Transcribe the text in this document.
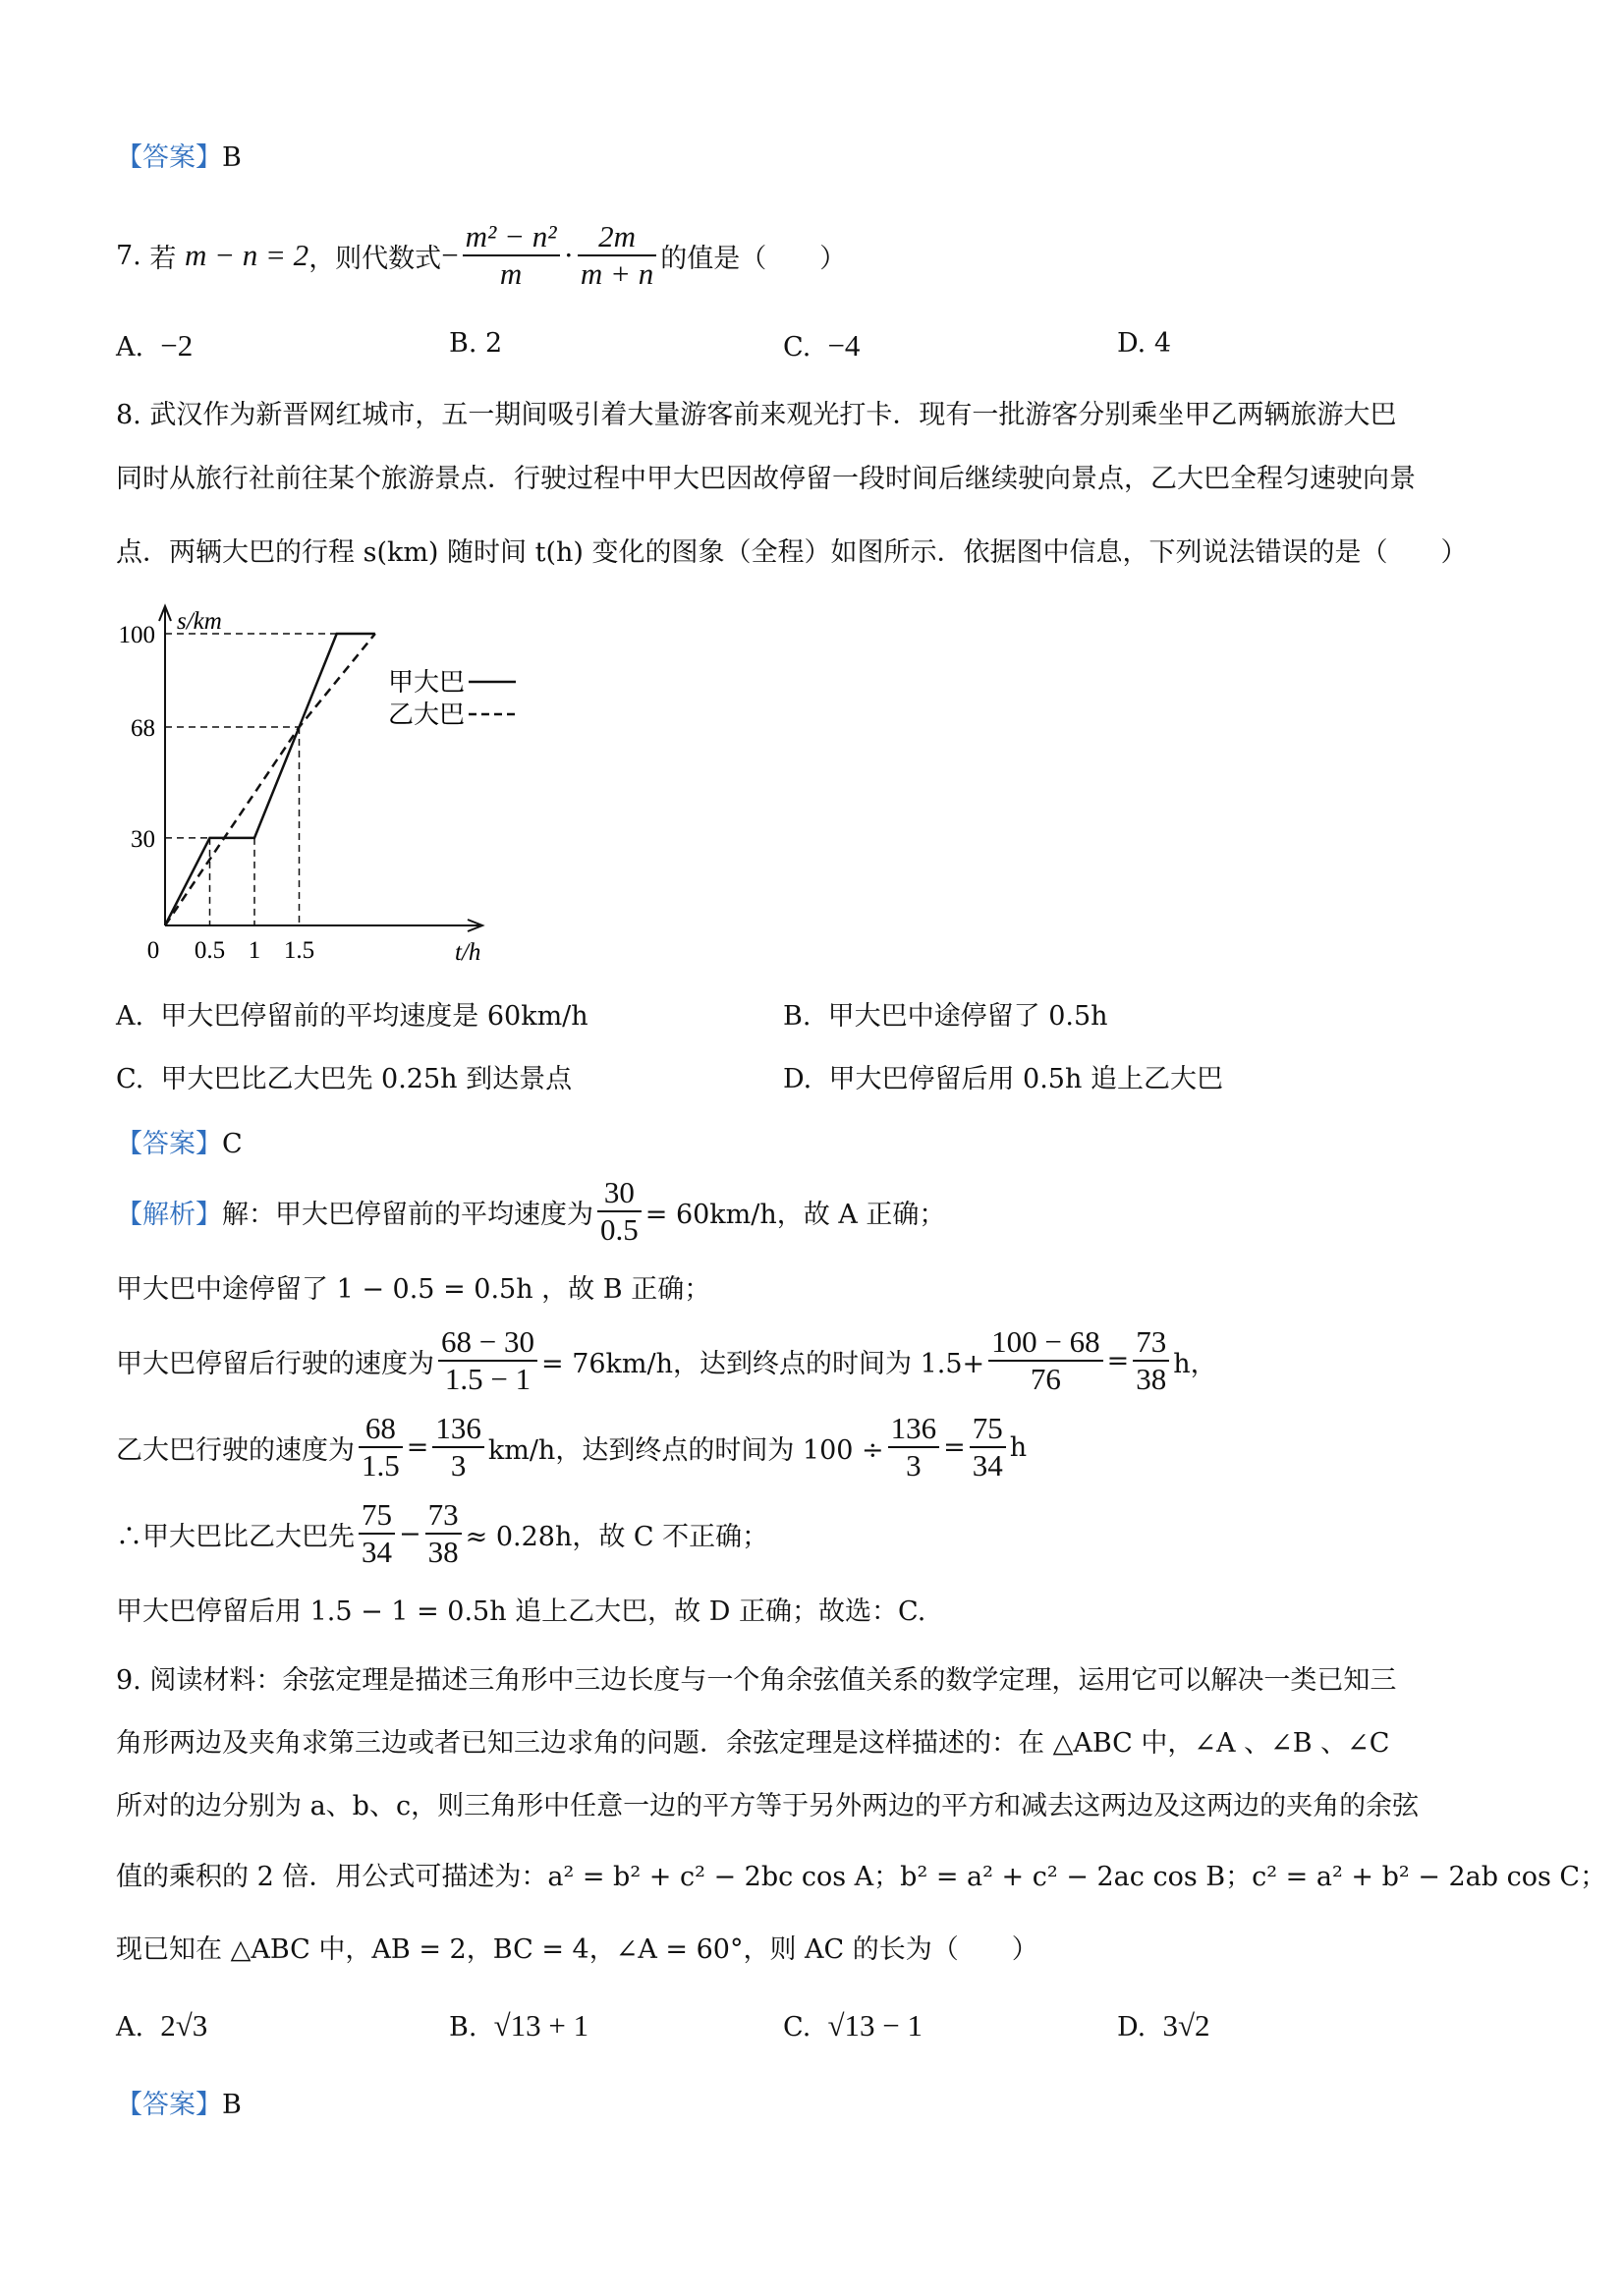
【答案】B
7.
若
m − n = 2 ，则代数式 − $\frac{\text{m² − n²}}{m} \cdot \frac{2m}{m + n}$ 的值是（　　）
A. −2	B. 2	C. −4	D. 4
8. 武汉作为新晋网红城市，五一期间吸引着大量游客前来观光打卡．现有一批游客分别乘坐甲乙两辆旅游大巴
同时从旅行社前往某个旅游景点．行驶过程中甲大巴因故停留一段时间后继续驶向景点，乙大巴全程匀速驶向景
点．两辆大巴的行程 s(km) 随时间 t(h) 变化的图象（全程）如图所示．依据图中信息，下列说法错误的是（　　）
s/km
t/h
30
68
100
0 0.5 1 1.5
甲大巴
乙大巴
A. 甲大巴停留前的平均速度是 60km/h	B. 甲大巴中途停留了 0.5h
C. 甲大巴比乙大巴先 0.25h 到达景点	D. 甲大巴停留后用 0.5h 追上乙大巴
【答案】C
【解析】 解：甲大巴停留前的平均速度为 $\frac{30}{0.5} = 60km/h$，故 A 正确；
甲大巴中途停留了 1 − 0.5 = 0.5h ，故 B 正确；
甲大巴停留后行驶的速度为 $\frac{68 - 30}{1.5 - 1} = 76km/h$，达到终点的时间为 $1.5+ \frac{100 - 68}{76} = \frac{73}{38}$ h，
乙大巴行驶的速度为 $\frac{68}{1.5} = \frac{136}{3} km/h$，达到终点的时间为 $100 \div \frac{136}{3} = \frac{75}{34}$ h
∴甲大巴比乙大巴先 $\frac{75}{34} - \frac{73}{38} \approx 0.28h$，故 C 不正确；
甲大巴停留后用 1.5 − 1 = 0.5h 追上乙大巴，故 D 正确；故选：C.
9. 阅读材料：余弦定理是描述三角形中三边长度与一个角余弦值关系的数学定理，运用它可以解决一类已知三
角形两边及夹角求第三边或者已知三边求角的问题．余弦定理是这样描述的：在 △ABC 中，∠A 、∠B 、∠C
所对的边分别为 a、b、c，则三角形中任意一边的平方等于另外两边的平方和减去这两边及这两边的夹角的余弦
值的乘积的 2 倍．用公式可描述为：a² = b² + c² − 2bc cos A；b² = a² + c² − 2ac cos B；c² = a² + b² − 2ab cos C；
现已知在 △ABC 中，AB = 2，BC = 4，∠A = 60°，则 AC 的长为（　　）
A. 2√3	B. √13 + 1	C. √13 − 1	D. 3√2
【答案】B
